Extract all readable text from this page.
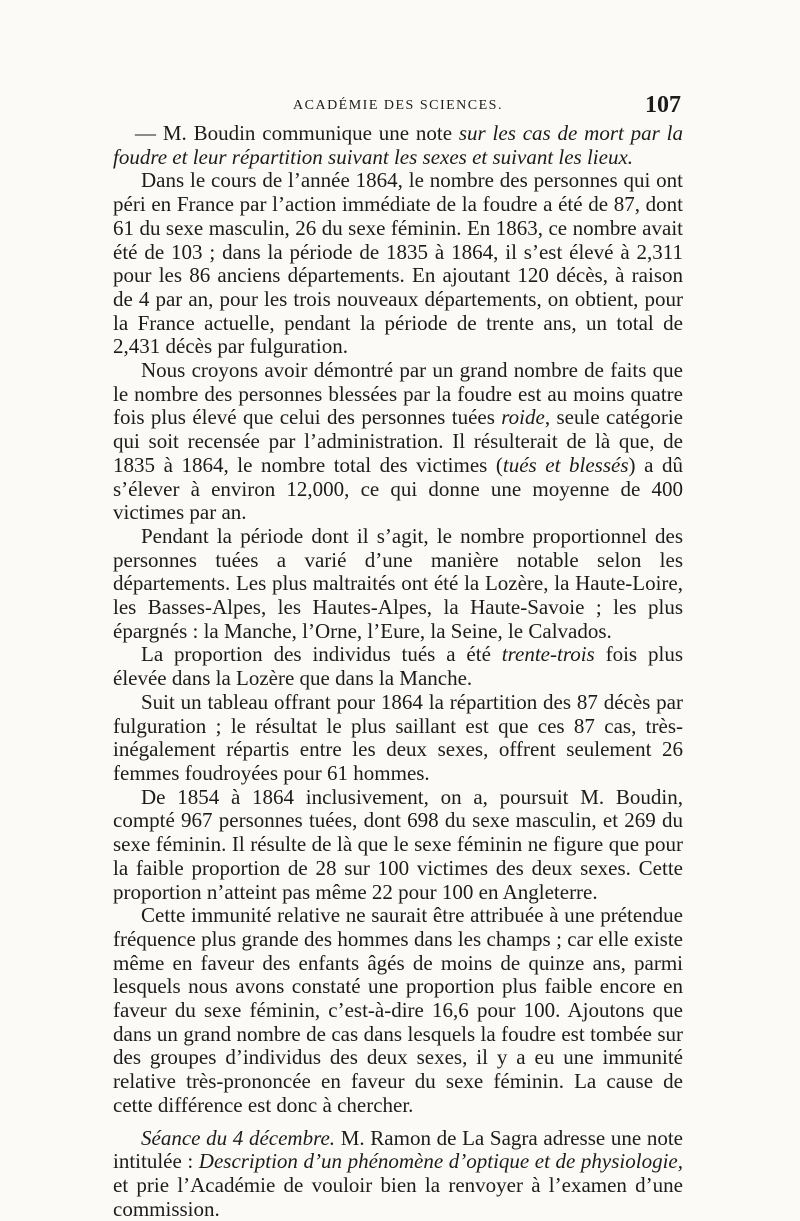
ACADÉMIE DES SCIENCES.	107

— M. Boudin communique une note sur les cas de mort par la foudre et leur répartition suivant les sexes et suivant les lieux.

Dans le cours de l’année 1864, le nombre des personnes qui ont péri en France par l’action immédiate de la foudre a été de 87, dont 61 du sexe masculin, 26 du sexe féminin. En 1863, ce nombre avait été de 103 ; dans la période de 1835 à 1864, il s’est élevé à 2,311 pour les 86 anciens départements. En ajoutant 120 décès, à raison de 4 par an, pour les trois nouveaux départements, on obtient, pour la France actuelle, pendant la période de trente ans, un total de 2,431 décès par fulguration.

Nous croyons avoir démontré par un grand nombre de faits que le nombre des personnes blessées par la foudre est au moins quatre fois plus élevé que celui des personnes tuées roide, seule catégorie qui soit recensée par l’administration. Il résulterait de là que, de 1835 à 1864, le nombre total des victimes (tués et blessés) a dû s’élever à environ 12,000, ce qui donne une moyenne de 400 victimes par an.

Pendant la période dont il s’agit, le nombre proportionnel des personnes tuées a varié d’une manière notable selon les départements. Les plus maltraités ont été la Lozère, la Haute-Loire, les Basses-Alpes, les Hautes-Alpes, la Haute-Savoie ; les plus épargnés : la Manche, l’Orne, l’Eure, la Seine, le Calvados.

La proportion des individus tués a été trente-trois fois plus élevée dans la Lozère que dans la Manche.

Suit un tableau offrant pour 1864 la répartition des 87 décès par fulguration ; le résultat le plus saillant est que ces 87 cas, très-inégalement répartis entre les deux sexes, offrent seulement 26 femmes foudroyées pour 61 hommes.

De 1854 à 1864 inclusivement, on a, poursuit M. Boudin, compté 967 personnes tuées, dont 698 du sexe masculin, et 269 du sexe féminin. Il résulte de là que le sexe féminin ne figure que pour la faible proportion de 28 sur 100 victimes des deux sexes. Cette proportion n’atteint pas même 22 pour 100 en Angleterre.

Cette immunité relative ne saurait être attribuée à une prétendue fréquence plus grande des hommes dans les champs ; car elle existe même en faveur des enfants âgés de moins de quinze ans, parmi lesquels nous avons constaté une proportion plus faible encore en faveur du sexe féminin, c’est-à-dire 16,6 pour 100. Ajoutons que dans un grand nombre de cas dans lesquels la foudre est tombée sur des groupes d’individus des deux sexes, il y a eu une immunité relative très-prononcée en faveur du sexe féminin. La cause de cette différence est donc à chercher.

Séance du 4 décembre. M. Ramon de La Sagra adresse une note intitulée : Description d’un phénomène d’optique et de physiologie, et prie l’Académie de vouloir bien la renvoyer à l’examen d’une commission.
